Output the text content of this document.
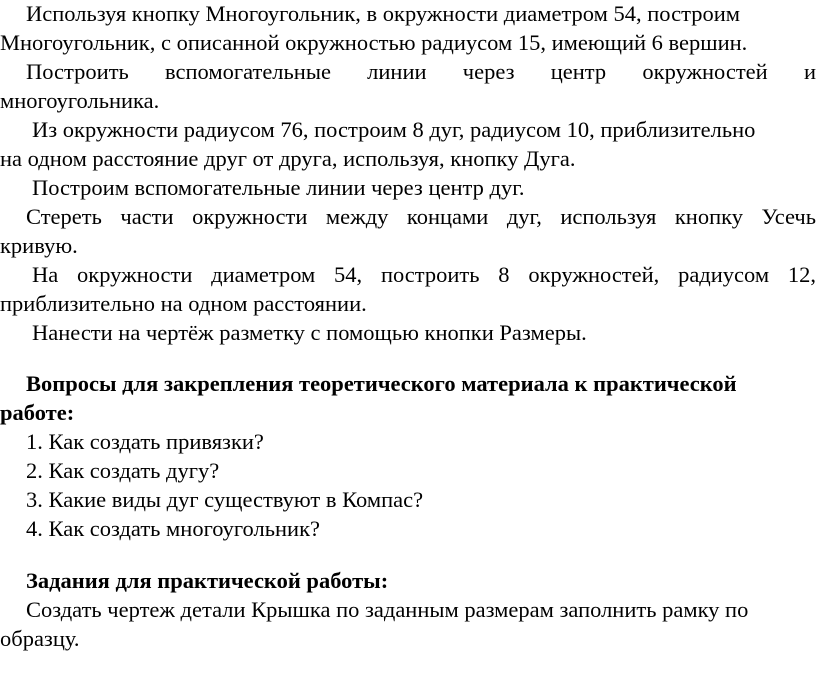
Используя кнопку Многоугольник, в окружности диаметром 54, построим
Многоугольник, с описанной окружностью радиусом 15, имеющий 6 вершин.
Построить вспомогательные линии через центр окружностей и
многоугольника.
Из окружности радиусом 76, построим 8 дуг, радиусом 10, приблизительно
на одном расстояние друг от друга, используя, кнопку Дуга.
Построим вспомогательные линии через центр дуг.
Стереть части окружности между концами дуг, используя кнопку Усечь
кривую.
На окружности диаметром 54, построить 8 окружностей, радиусом 12,
приблизительно на одном расстоянии.
Нанести на чертёж разметку с помощью кнопки Размеры.
Вопросы для закрепления теоретического материала к практической
работе:
1. Как создать привязки?
2. Как создать дугу?
3. Какие виды дуг существуют в Компас?
4. Как создать многоугольник?
Задания для практической работы:
Создать чертеж детали Крышка по заданным размерам заполнить рамку по
образцу.
